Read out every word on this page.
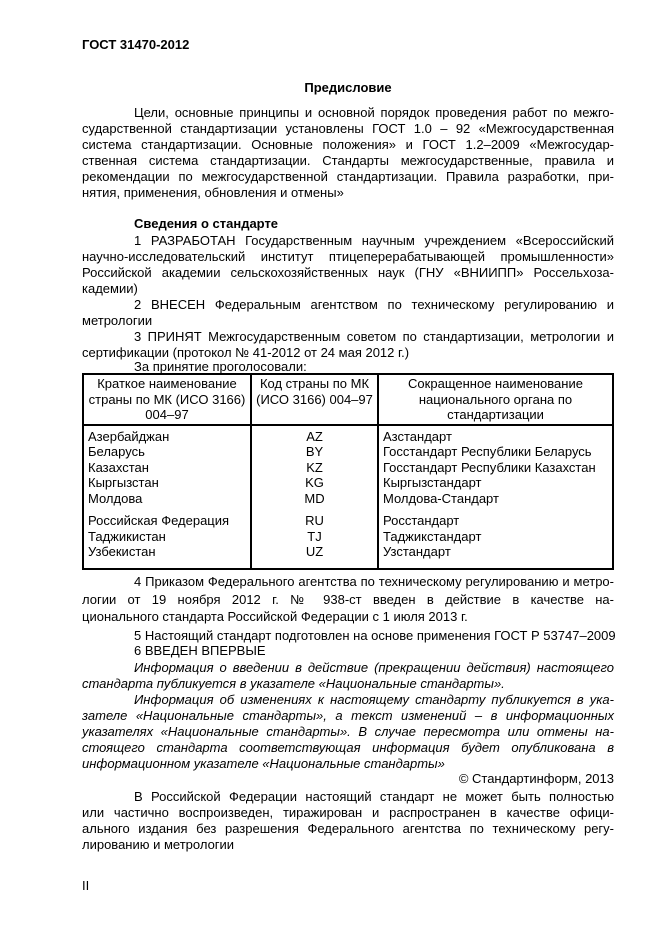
ГОСТ 31470-2012
Предисловие
Цели, основные принципы и основной порядок проведения работ по межго-
сударственной стандартизации установлены ГОСТ 1.0 – 92 «Межгосударственная
система стандартизации. Основные положения» и ГОСТ 1.2–2009 «Межгосудар-
ственная система стандартизации. Стандарты межгосударственные, правила и
рекомендации по межгосударственной стандартизации. Правила разработки, при-
нятия, применения, обновления и отмены»
Сведения о стандарте
1 РАЗРАБОТАН Государственным научным учреждением «Всероссийский
научно-исследовательский институт птицеперерабатывающей промышленности»
Российской академии сельскохозяйственных наук (ГНУ «ВНИИПП» Россельхоза-
кадемии)
2 ВНЕСЕН Федеральным агентством по техническому регулированию и
метрологии
3 ПРИНЯТ Межгосударственным советом по стандартизации, метрологии и
сертификации (протокол № 41-2012 от 24 мая 2012 г.)
За принятие проголосовали:
4 Приказом Федерального агентства по техническому регулированию и метро-
логии от 19 ноября 2012 г. № 938-ст введен в действие в качестве на-
ционального стандарта Российской Федерации с 1 июля 2013 г.
5 Настоящий стандарт подготовлен на основе применения ГОСТ Р 53747–2009
6 ВВЕДЕН ВПЕРВЫЕ
Информация о введении в действие (прекращении действия) настоящего
стандарта публикуется в указателе «Национальные стандарты».
Информация об изменениях к настоящему стандарту публикуется в ука-
зателе «Национальные стандарты», а текст изменений – в информационных
указателях «Национальные стандарты». В случае пересмотра или отмены на-
стоящего стандарта соответствующая информация будет опубликована в
информационном указателе «Национальные стандарты»
© Стандартинформ, 2013
В Российской Федерации настоящий стандарт не может быть полностью
или частично воспроизведен, тиражирован и распространен в качестве офици-
ального издания без разрешения Федерального агентства по техническому регу-
лированию и метрологии
Краткое наименование страны по МК (ИСО 3166) 004–97	Код страны по МК (ИСО 3166) 004–97	Сокращенное наименование национального органа по стандартизации
Азербайджан	AZ	Азстандарт
Беларусь	BY	Госстандарт Республики Беларусь
Казахстан	KZ	Госстандарт Республики Казахстан
Кыргызстан	KG	Кыргызстандарт
Молдова	MD	Молдова-Стандарт
Российская Федерация	RU	Росстандарт
Таджикистан	TJ	Таджикстандарт
Узбекистан	UZ	Узстандарт
II
